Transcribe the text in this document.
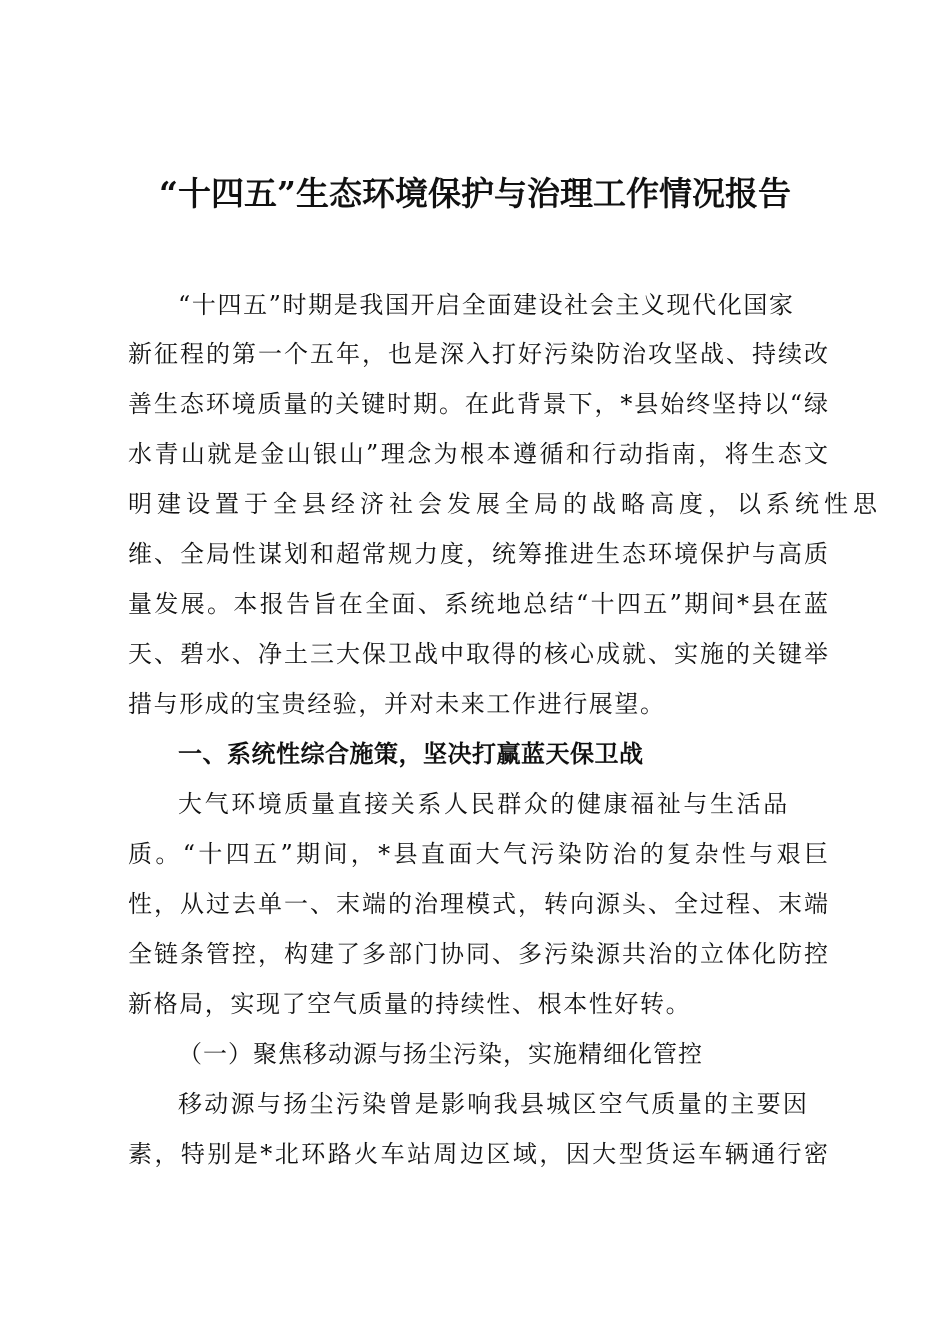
“十四五”生态环境保护与治理工作情况报告
“十四五”时期是我国开启全面建设社会主义现代化国家
新征程的第一个五年，也是深入打好污染防治攻坚战、持续改
善生态环境质量的关键时期。在此背景下，*县始终坚持以“绿
水青山就是金山银山”理念为根本遵循和行动指南，将生态文
明建设置于全县经济社会发展全局的战略高度，以系统性思
维、全局性谋划和超常规力度，统筹推进生态环境保护与高质
量发展。本报告旨在全面、系统地总结“十四五”期间*县在蓝
天、碧水、净土三大保卫战中取得的核心成就、实施的关键举
措与形成的宝贵经验，并对未来工作进行展望。
一、系统性综合施策，坚决打赢蓝天保卫战
大气环境质量直接关系人民群众的健康福祉与生活品
质。“十四五”期间，*县直面大气污染防治的复杂性与艰巨
性，从过去单一、末端的治理模式，转向源头、全过程、末端
全链条管控，构建了多部门协同、多污染源共治的立体化防控
新格局，实现了空气质量的持续性、根本性好转。
（一）聚焦移动源与扬尘污染，实施精细化管控
移动源与扬尘污染曾是影响我县城区空气质量的主要因
素，特别是*北环路火车站周边区域，因大型货运车辆通行密
